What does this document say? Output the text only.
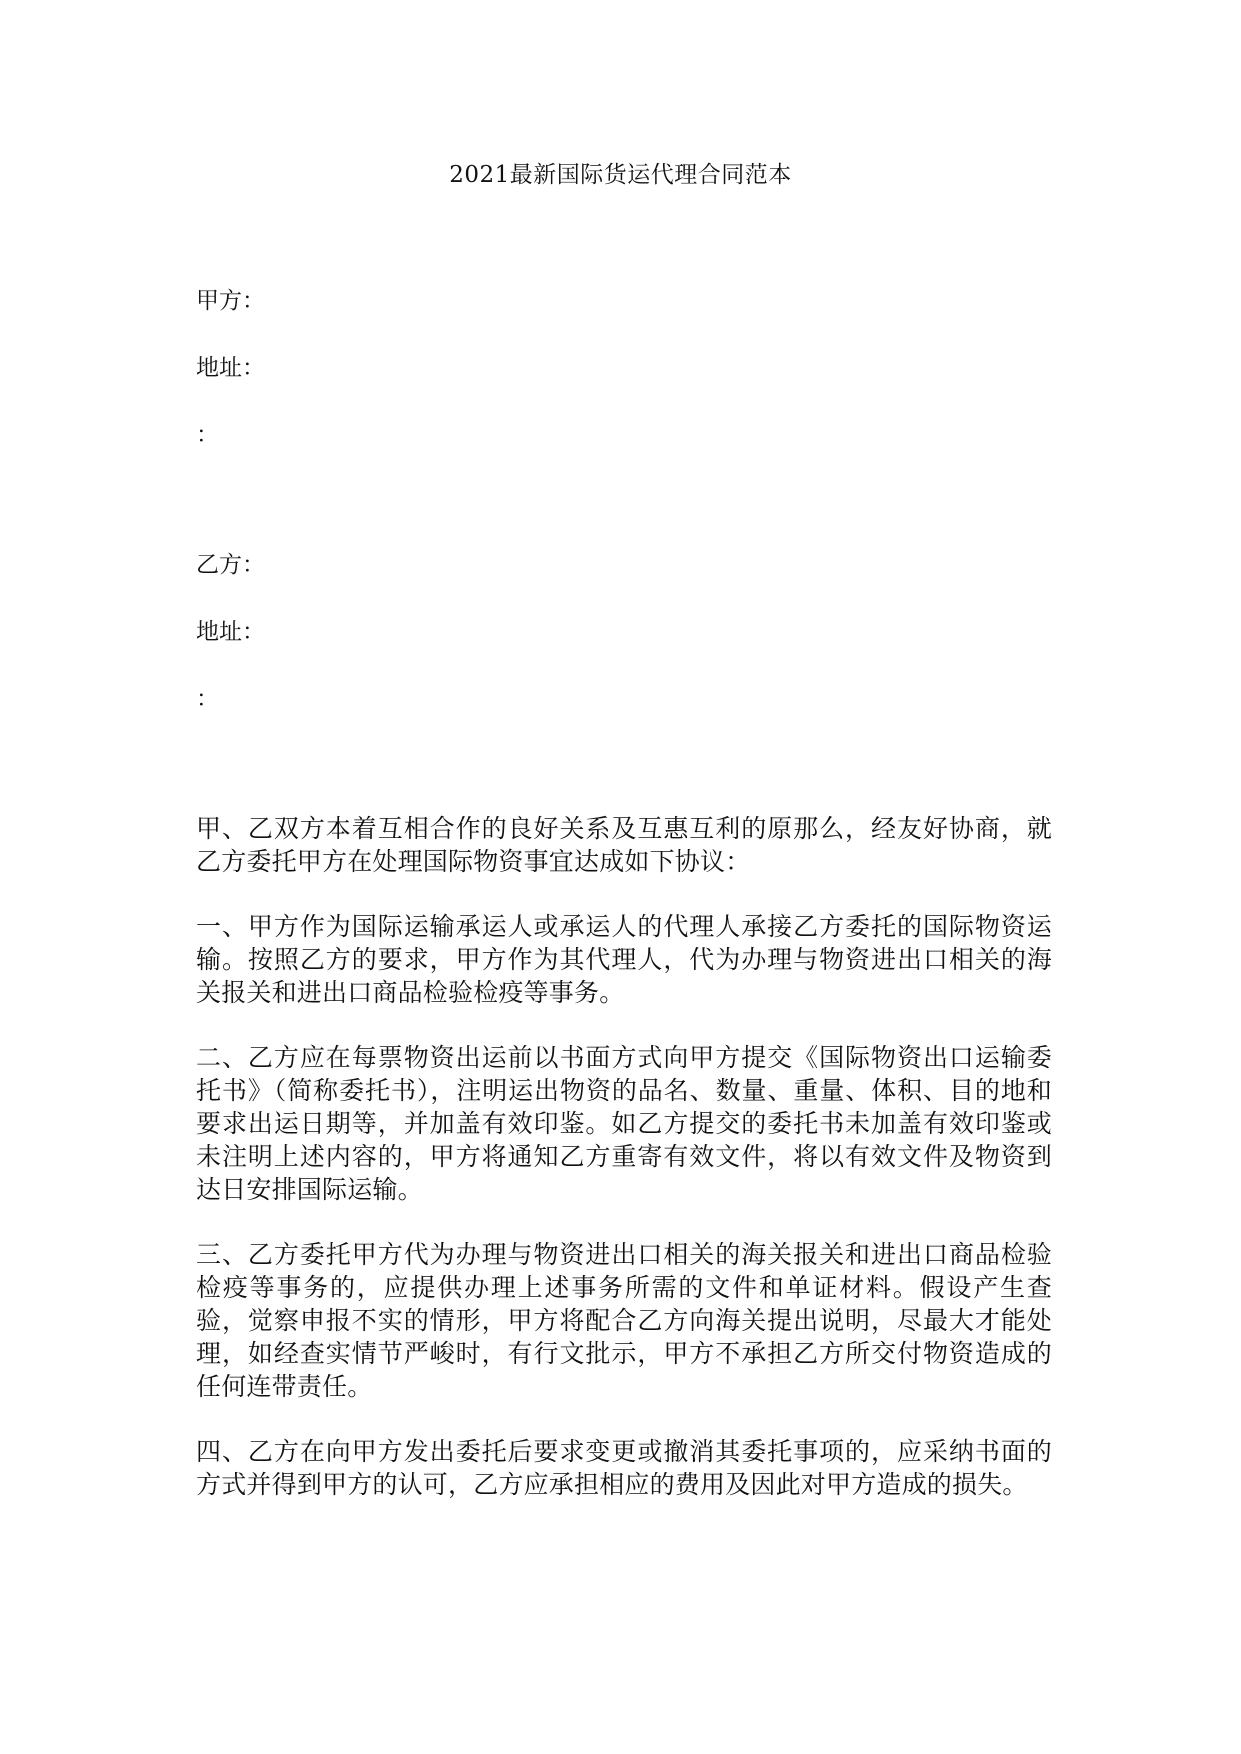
2021最新国际货运代理合同范本
甲方：
地址：
：
乙方：
地址：
：
甲、乙双方本着互相合作的良好关系及互惠互利的原那么，经友好协商，就乙方委托甲方在处理国际物资事宜达成如下协议：
一、甲方作为国际运输承运人或承运人的代理人承接乙方委托的国际物资运输。按照乙方的要求，甲方作为其代理人，代为办理与物资进出口相关的海关报关和进出口商品检验检疫等事务。
二、乙方应在每票物资出运前以书面方式向甲方提交《国际物资出口运输委托书》（简称委托书），注明运出物资的品名、数量、重量、体积、目的地和要求出运日期等，并加盖有效印鉴。如乙方提交的委托书未加盖有效印鉴或未注明上述内容的，甲方将通知乙方重寄有效文件，将以有效文件及物资到达日安排国际运输。
三、乙方委托甲方代为办理与物资进出口相关的海关报关和进出口商品检验检疫等事务的，应提供办理上述事务所需的文件和单证材料。假设产生查验，觉察申报不实的情形，甲方将配合乙方向海关提出说明，尽最大才能处理，如经查实情节严峻时，有行文批示，甲方不承担乙方所交付物资造成的任何连带责任。
四、乙方在向甲方发出委托后要求变更或撤消其委托事项的，应采纳书面的方式并得到甲方的认可，乙方应承担相应的费用及因此对甲方造成的损失。
